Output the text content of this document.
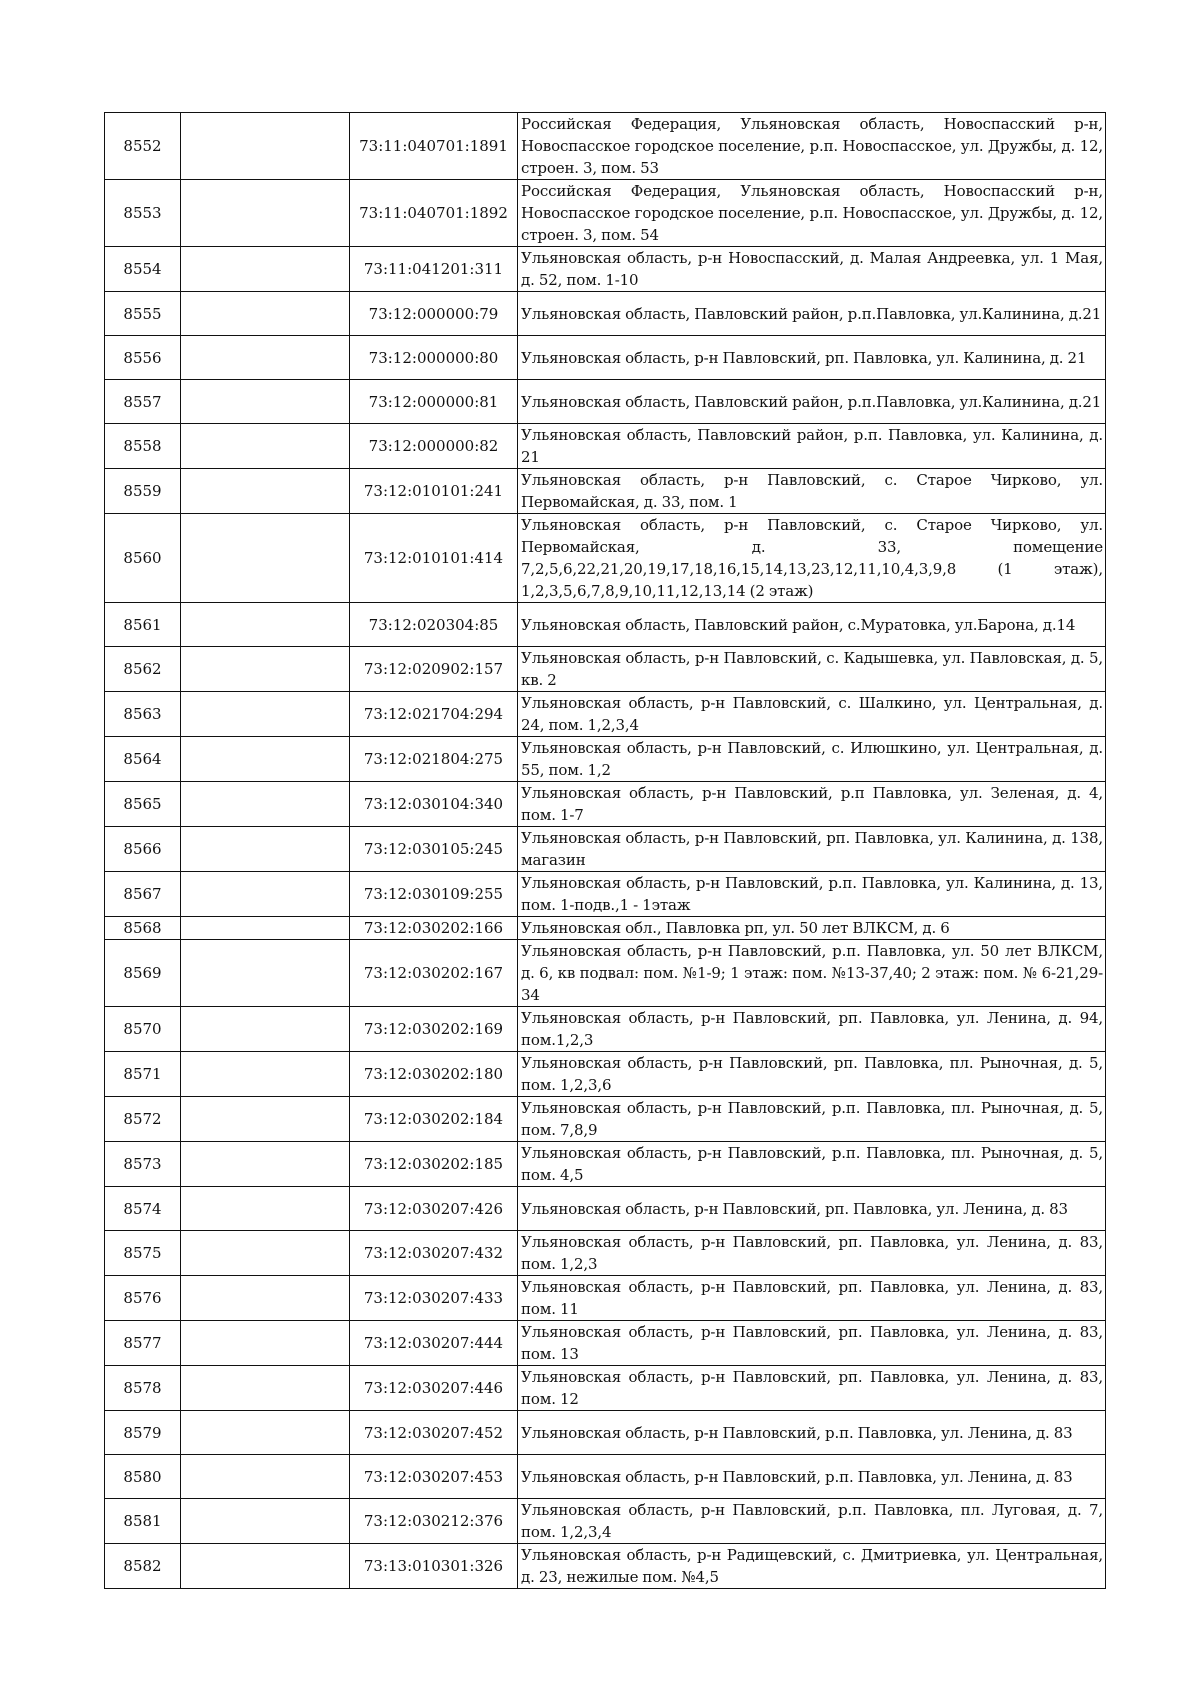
8552		73:11:040701:1891	Российская Федерация, Ульяновская область, Новоспасский р-н, Новоспасское городское поселение, р.п. Новоспасское, ул. Дружбы, д. 12, строен. 3, пом. 53
8553		73:11:040701:1892	Российская Федерация, Ульяновская область, Новоспасский р-н, Новоспасское городское поселение, р.п. Новоспасское, ул. Дружбы, д. 12, строен. 3, пом. 54
8554		73:11:041201:311	Ульяновская область, р-н Новоспасский, д. Малая Андреевка, ул. 1 Мая, д. 52, пом. 1-10
8555		73:12:000000:79	Ульяновская область, Павловский район, р.п.Павловка, ул.Калинина, д.21
8556		73:12:000000:80	Ульяновская область, р-н Павловский, рп. Павловка, ул. Калинина, д. 21
8557		73:12:000000:81	Ульяновская область, Павловский район, р.п.Павловка, ул.Калинина, д.21
8558		73:12:000000:82	Ульяновская область, Павловский район, р.п. Павловка, ул. Калинина, д. 21
8559		73:12:010101:241	Ульяновская область, р-н Павловский, с. Старое Чирково, ул. Первомайская, д. 33, пом. 1
8560		73:12:010101:414	Ульяновская область, р-н Павловский, с. Старое Чирково, ул. Первомайская, д. 33, помещение 7,2,5,6,22,21,20,19,17,18,16,15,14,13,23,12,11,10,4,3,9,8 (1 этаж), 1,2,3,5,6,7,8,9,10,11,12,13,14 (2 этаж)
8561		73:12:020304:85	Ульяновская область, Павловский район, с.Муратовка, ул.Барона, д.14
8562		73:12:020902:157	Ульяновская область, р-н Павловский, с. Кадышевка, ул. Павловская, д. 5, кв. 2
8563		73:12:021704:294	Ульяновская область, р-н Павловский, с. Шалкино, ул. Центральная, д. 24, пом. 1,2,3,4
8564		73:12:021804:275	Ульяновская область, р-н Павловский, с. Илюшкино, ул. Центральная, д. 55, пом. 1,2
8565		73:12:030104:340	Ульяновская область, р-н Павловский, р.п Павловка, ул. Зеленая, д. 4, пом. 1-7
8566		73:12:030105:245	Ульяновская область, р-н Павловский, рп. Павловка, ул. Калинина, д. 138, магазин
8567		73:12:030109:255	Ульяновская область, р-н Павловский, р.п. Павловка, ул. Калинина, д. 13, пом. 1-подв.,1 - 1этаж
8568		73:12:030202:166	Ульяновская обл., Павловка рп, ул. 50 лет ВЛКСМ, д. 6
8569		73:12:030202:167	Ульяновская область, р-н Павловский, р.п. Павловка, ул. 50 лет ВЛКСМ, д. 6, кв подвал: пом. №1-9; 1 этаж: пом. №13-37,40; 2 этаж: пом. № 6-21,29-34
8570		73:12:030202:169	Ульяновская область, р-н Павловский, рп. Павловка, ул. Ленина, д. 94, пом.1,2,3
8571		73:12:030202:180	Ульяновская область, р-н Павловский, рп. Павловка, пл. Рыночная, д. 5, пом. 1,2,3,6
8572		73:12:030202:184	Ульяновская область, р-н Павловский, р.п. Павловка, пл. Рыночная, д. 5, пом. 7,8,9
8573		73:12:030202:185	Ульяновская область, р-н Павловский, р.п. Павловка, пл. Рыночная, д. 5, пом. 4,5
8574		73:12:030207:426	Ульяновская область, р-н Павловский, рп. Павловка, ул. Ленина, д. 83
8575		73:12:030207:432	Ульяновская область, р-н Павловский, рп. Павловка, ул. Ленина, д. 83, пом. 1,2,3
8576		73:12:030207:433	Ульяновская область, р-н Павловский, рп. Павловка, ул. Ленина, д. 83, пом. 11
8577		73:12:030207:444	Ульяновская область, р-н Павловский, рп. Павловка, ул. Ленина, д. 83, пом. 13
8578		73:12:030207:446	Ульяновская область, р-н Павловский, рп. Павловка, ул. Ленина, д. 83, пом. 12
8579		73:12:030207:452	Ульяновская область, р-н Павловский, р.п. Павловка, ул. Ленина, д. 83
8580		73:12:030207:453	Ульяновская область, р-н Павловский, р.п. Павловка, ул. Ленина, д. 83
8581		73:12:030212:376	Ульяновская область, р-н Павловский, р.п. Павловка, пл. Луговая, д. 7, пом. 1,2,3,4
8582		73:13:010301:326	Ульяновская область, р-н Радищевский, с. Дмитриевка, ул. Центральная, д. 23, нежилые пом. №4,5
